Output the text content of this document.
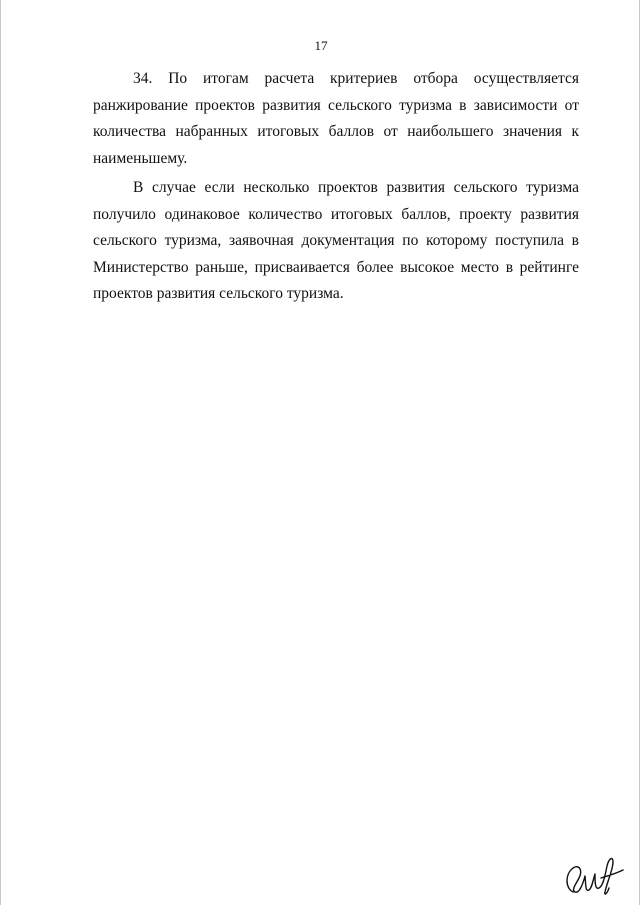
17

34. По итогам расчета критериев отбора осуществляется ранжирование проектов развития сельского туризма в зависимости от количества набранных итоговых баллов от наибольшего значения к наименьшему.

В случае если несколько проектов развития сельского туризма получило одинаковое количество итоговых баллов, проекту развития сельского туризма, заявочная документация по которому поступила в Министерство раньше, присваивается более высокое место в рейтинге проектов развития сельского туризма.
